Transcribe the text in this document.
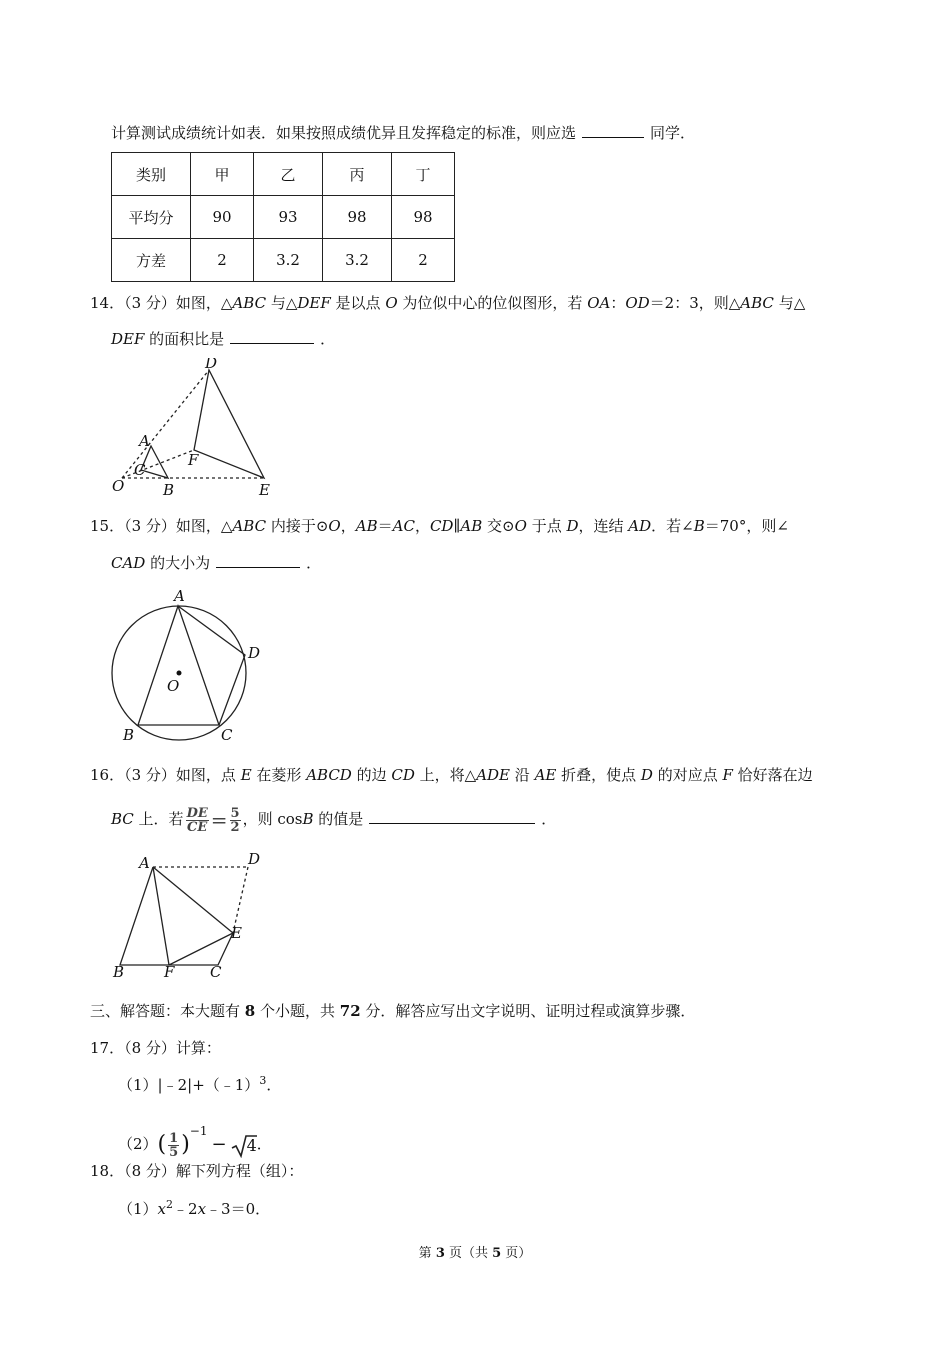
计算测试成绩统计如表．如果按照成绩优异且发挥稳定的标准，则应选	同学．
类别	甲	乙	丙	丁
平均分	90	93	98	98
方差	2	3.2	3.2	2
14．（3 分）如图，△ABC 与△DEF 是以点 O 为位似中心的位似图形，若 OA：OD＝2：3，则△ABC 与△
DEF 的面积比是	．
D
A
C
F
O	B	E
15．（3 分）如图，△ABC 内接于⊙O，AB＝AC，CD∥AB 交⊙O 于点 D，连结 AD．若∠B＝70°，则∠
CAD 的大小为	．
A
D
O
B	C
16．（3 分）如图，点 E 在菱形 ABCD 的边 CD 上，将△ADE 沿 AE 折叠，使点 D 的对应点 F 恰好落在边
BC 上．若 $\frac{DE}{CE} = \frac{5}{2}$ ，则 cosB 的值是	．
A	D
E
B	F C
三、解答题：本大题有 8 个小题，共 72 分．解答应写出文字说明、证明过程或演算步骤．
17．（8 分）计算：
（1）|﹣2|+（﹣1）$^3$．
$(2)( \frac{1}{5} )^{-1}- 4$．
18．（8 分）解下列方程（组）：
$(1)x^2﹣2x﹣3=0$．
第 3 页（共 5 页）
